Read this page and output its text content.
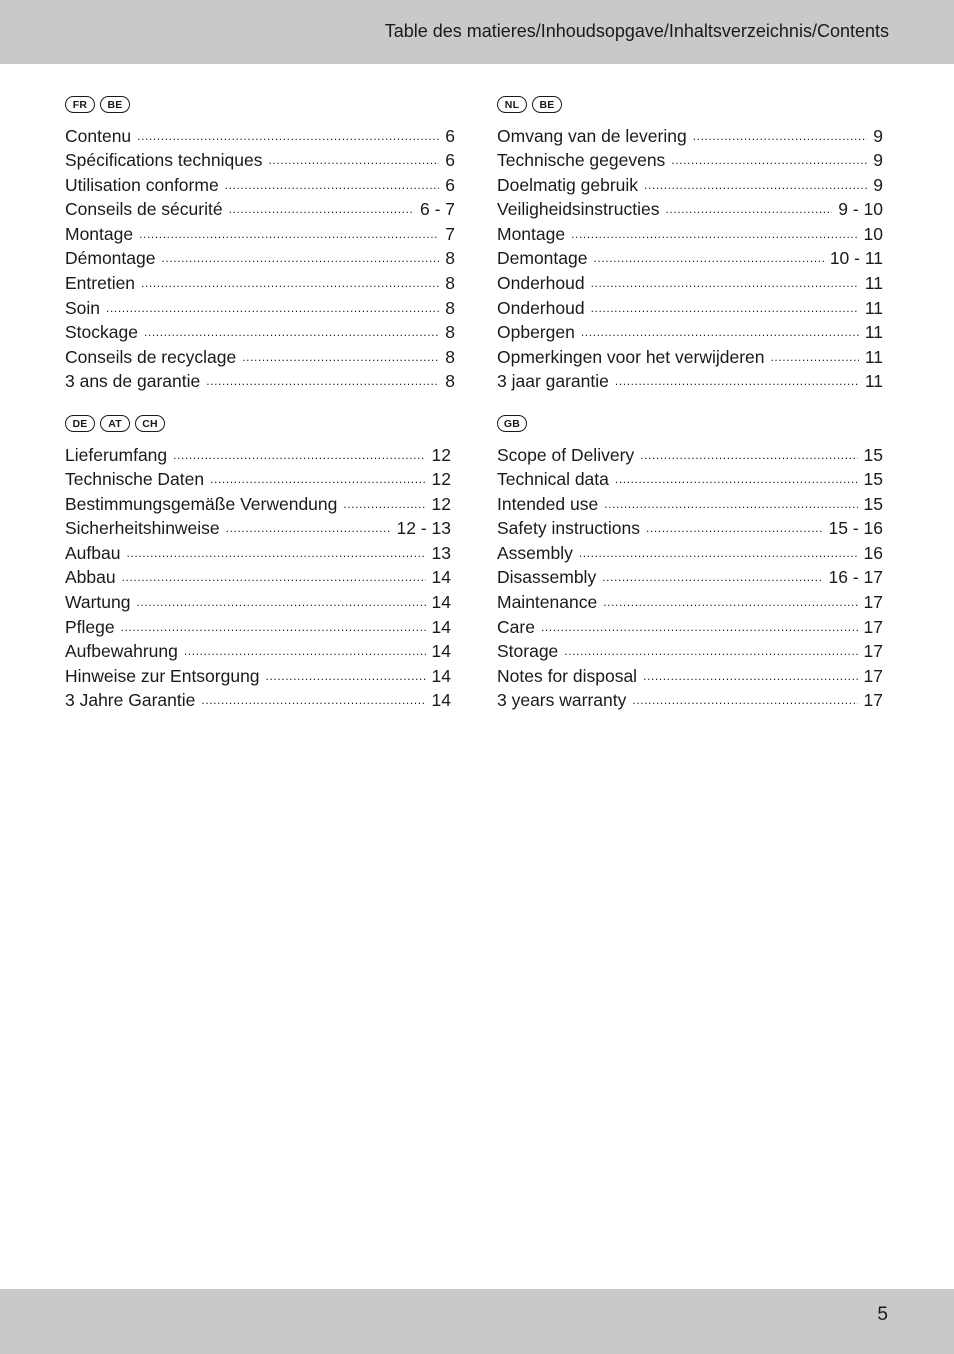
Table des matieres/Inhoudsopgave/Inhaltsverzeichnis/Contents
FR	BE
Contenu .....	6
Spécifications techniques .....	6
Utilisation conforme .....	6
Conseils de sécurité .....	6 - 7
Montage .....	7
Démontage .....	8
Entretien .....	8
Soin .....	8
Stockage .....	8
Conseils de recyclage .....	8
3 ans de garantie .....	8
NL	BE
Omvang van de levering .....	9
Technische gegevens .....	9
Doelmatig gebruik .....	9
Veiligheidsinstructies .....	9 - 10
Montage .....	10
Demontage .....	10 - 11
Onderhoud .....	11
Onderhoud .....	11
Opbergen .....	11
Opmerkingen voor het verwijderen .....	11
3 jaar garantie .....	11
DE	AT	CH
Lieferumfang .....	12
Technische Daten .....	12
Bestimmungsgemäße Verwendung .....	12
Sicherheitshinweise .....	12 - 13
Aufbau .....	13
Abbau .....	14
Wartung .....	14
Pflege .....	14
Aufbewahrung .....	14
Hinweise zur Entsorgung .....	14
3 Jahre Garantie .....	14
GB
Scope of Delivery .....	15
Technical data .....	15
Intended use .....	15
Safety instructions .....	15 - 16
Assembly .....	16
Disassembly .....	16 - 17
Maintenance .....	17
Care .....	17
Storage .....	17
Notes for disposal .....	17
3 years warranty .....	17
5
